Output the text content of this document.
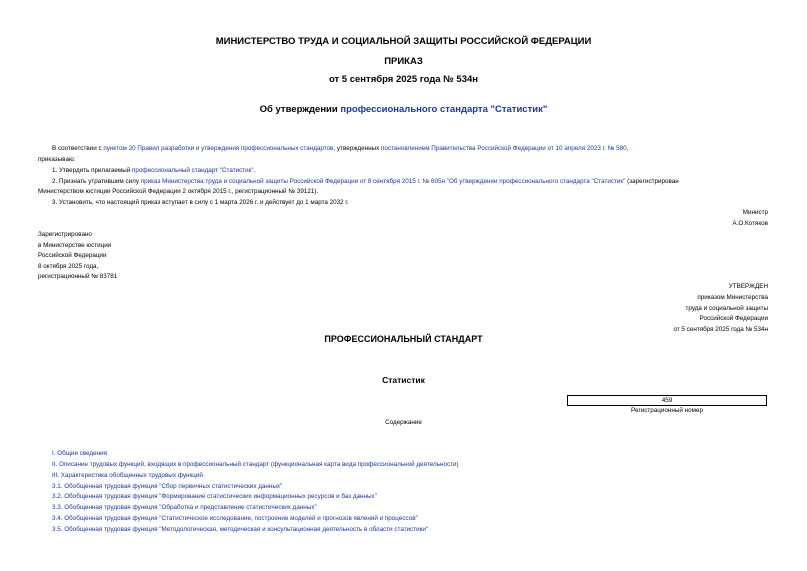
МИНИСТЕРСТВО ТРУДА И СОЦИАЛЬНОЙ ЗАЩИТЫ РОССИЙСКОЙ ФЕДЕРАЦИИ
ПРИКАЗ
от 5 сентября 2025 года № 534н
Об утверждении профессионального стандарта "Статистик"
В соответствии с пунктом 20 Правил разработки и утверждения профессиональных стандартов, утвержденных постановлением Правительства Российской Федерации от 10 апреля 2023 г. № 580,
приказываю:
1. Утвердить прилагаемый профессиональный стандарт "Статистик".
2. Признать утратившим силу приказ Министерства труда и социальной защиты Российской Федерации от 8 сентября 2015 г. № 605н "Об утверждении профессионального стандарта "Статистик" (зарегистрирован
Министерством юстиции Российской Федерации 2 октября 2015 г., регистрационный № 39121).
3. Установить, что настоящий приказ вступает в силу с 1 марта 2026 г. и действует до 1 марта 2032 г.
Министр
А.О.Котяков
Зарегистрировано
в Министерстве юстиции
Российской Федерации
8 октября 2025 года,
регистрационный № 83781
УТВЕРЖДЕН
приказом Министерства
труда и социальной защиты
Российской Федерации
от 5 сентября 2025 года № 534н
ПРОФЕССИОНАЛЬНЫЙ СТАНДАРТ
Статистик
459
Регистрационный номер
Содержание
I. Общие сведения
II. Описание трудовых функций, входящих в профессиональный стандарт (функциональная карта вида профессиональной деятельности)
III. Характеристика обобщенных трудовых функций
3.1. Обобщенная трудовая функция "Сбор первичных статистических данных"
3.2. Обобщенная трудовая функция "Формирование статистических информационных ресурсов и баз данных"
3.3. Обобщенная трудовая функция "Обработка и представление статистических данных"
3.4. Обобщенная трудовая функция "Статистическое исследование, построение моделей и прогнозов явлений и процессов"
3.5. Обобщенная трудовая функция "Методологическая, методическая и консультационная деятельность в области статистики"
